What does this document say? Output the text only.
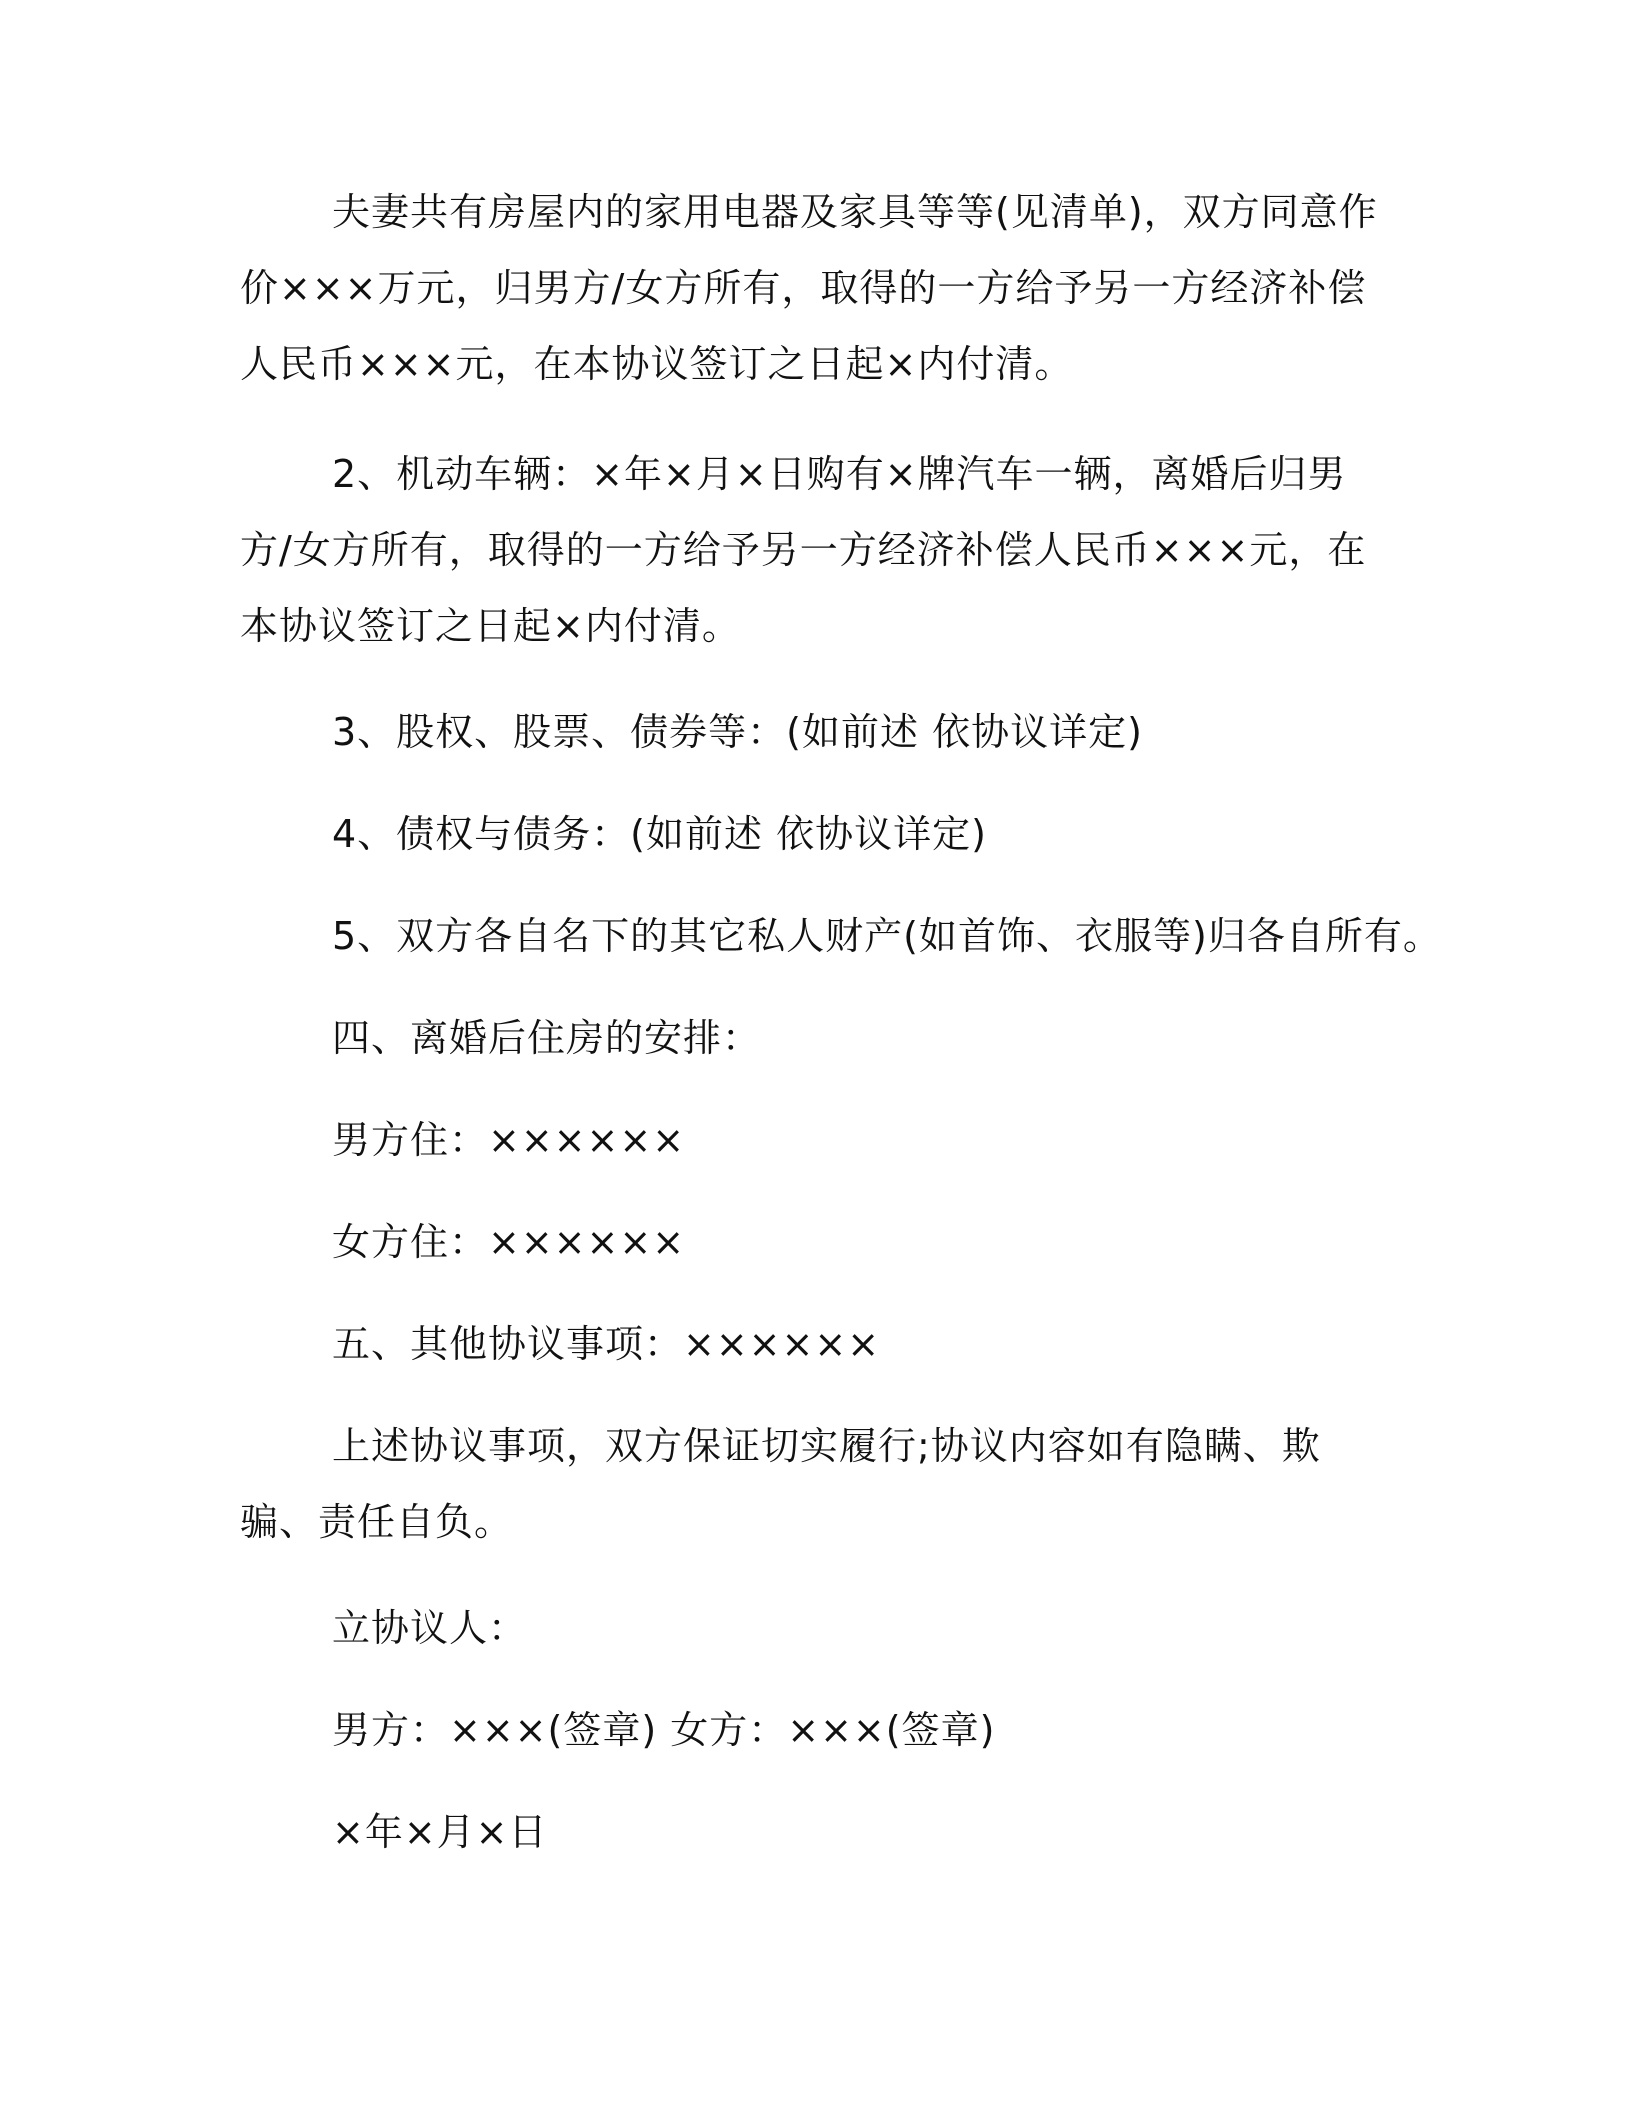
夫妻共有房屋内的家用电器及家具等等(见清单)，双方同意作价×××万元，归男方/女方所有，取得的一方给予另一方经济补偿人民币×××元，在本协议签订之日起×内付清。
2、机动车辆：×年×月×日购有×牌汽车一辆，离婚后归男方/女方所有，取得的一方给予另一方经济补偿人民币×××元，在本协议签订之日起×内付清。
3、股权、股票、债券等：(如前述 依协议详定)
4、债权与债务：(如前述 依协议详定)
5、双方各自名下的其它私人财产(如首饰、衣服等)归各自所有。
四、离婚后住房的安排：
男方住：××××××
女方住：××××××
五、其他协议事项：××××××
上述协议事项，双方保证切实履行;协议内容如有隐瞒、欺骗、责任自负。
立协议人：
男方：×××(签章) 女方：×××(签章)
×年×月×日
